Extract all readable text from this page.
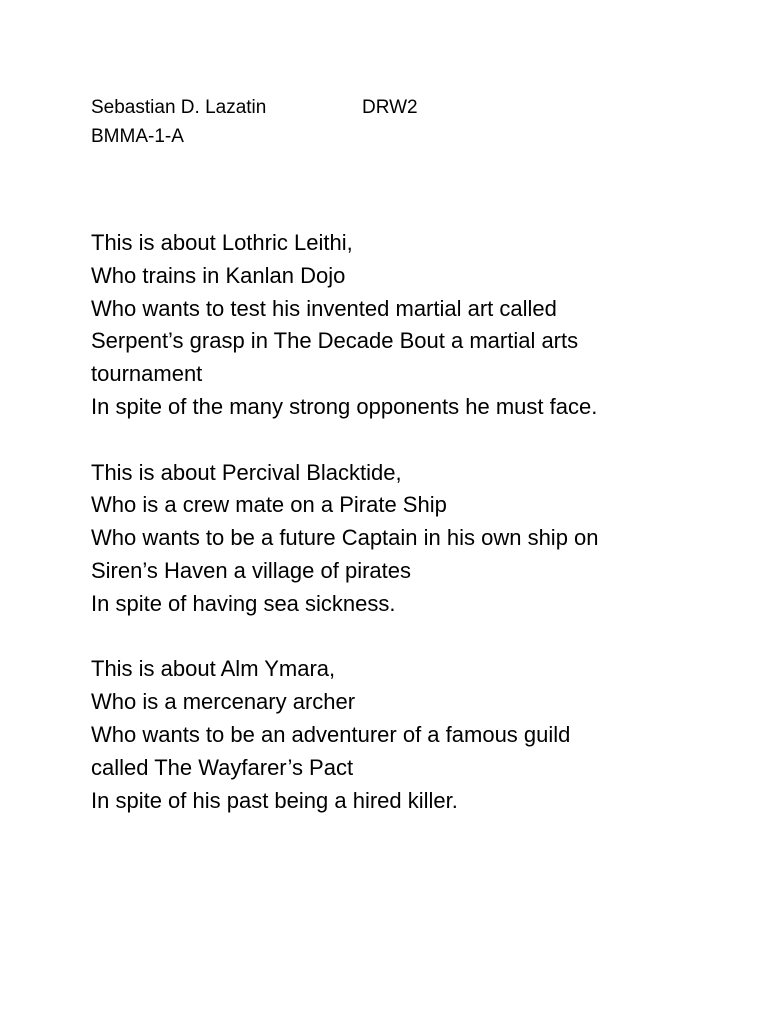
Sebastian D. Lazatin	DRW2
BMMA-1-A
This is about Lothric Leithi,
Who trains in Kanlan Dojo
Who wants to test his invented martial art called
Serpent’s grasp in The Decade Bout a martial arts
tournament
In spite of the many strong opponents he must face.
This is about Percival Blacktide,
Who is a crew mate on a Pirate Ship
Who wants to be a future Captain in his own ship on
Siren’s Haven a village of pirates
In spite of having sea sickness.
This is about Alm Ymara,
Who is a mercenary archer
Who wants to be an adventurer of a famous guild
called The Wayfarer’s Pact
In spite of his past being a hired killer.
